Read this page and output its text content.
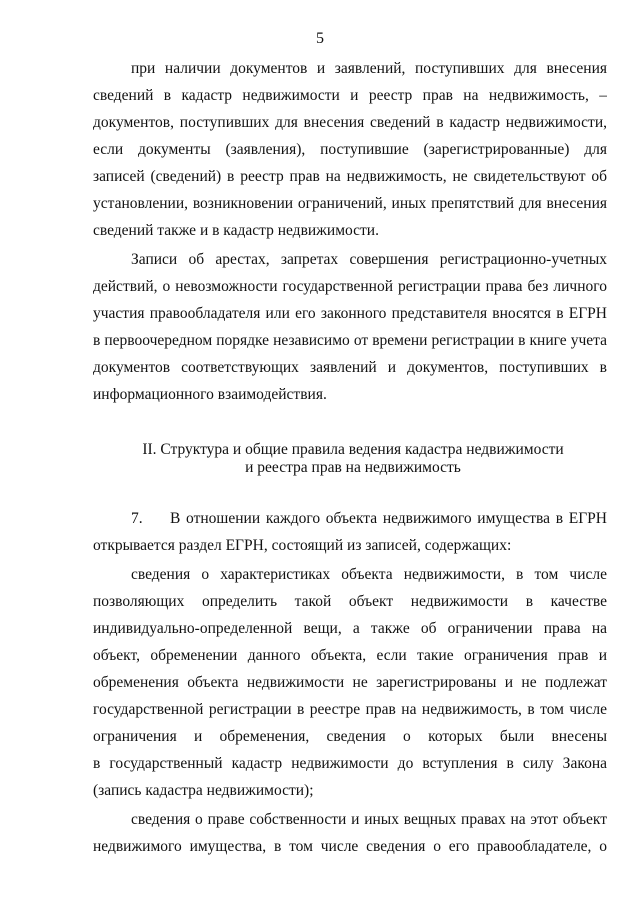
5
при наличии документов и заявлений, поступивших для внесения
сведений в кадастр недвижимости и реестр прав на недвижимость, –
документов, поступивших для внесения сведений в кадастр недвижимости,
если документы (заявления), поступившие (зарегистрированные) для
записей (сведений) в реестр прав на недвижимость, не свидетельствуют об
установлении, возникновении ограничений, иных препятствий для внесения
сведений также и в кадастр недвижимости.
Записи об арестах, запретах совершения регистрационно-учетных
действий, о невозможности государственной регистрации права без личного
участия правообладателя или его законного представителя вносятся в ЕГРН
в первоочередном порядке независимо от времени регистрации в книге учета
документов соответствующих заявлений и документов, поступивших в
информационного взаимодействия.
II. Структура и общие правила ведения кадастра недвижимости
и реестра прав на недвижимость
7. В отношении каждого объекта недвижимого имущества в ЕГРН
открывается раздел ЕГРН, состоящий из записей, содержащих:
сведения о характеристиках объекта недвижимости, в том числе
позволяющих определить такой объект недвижимости в качестве
индивидуально-определенной вещи, а также об ограничении права на
объект, обременении данного объекта, если такие ограничения прав и
обременения объекта недвижимости не зарегистрированы и не подлежат
государственной регистрации в реестре прав на недвижимость, в том числе
ограничения и обременения, сведения о которых были внесены
в государственный кадастр недвижимости до вступления в силу Закона
(запись кадастра недвижимости);
сведения о праве собственности и иных вещных правах на этот объект
недвижимого имущества, в том числе сведения о его правообладателе, о
